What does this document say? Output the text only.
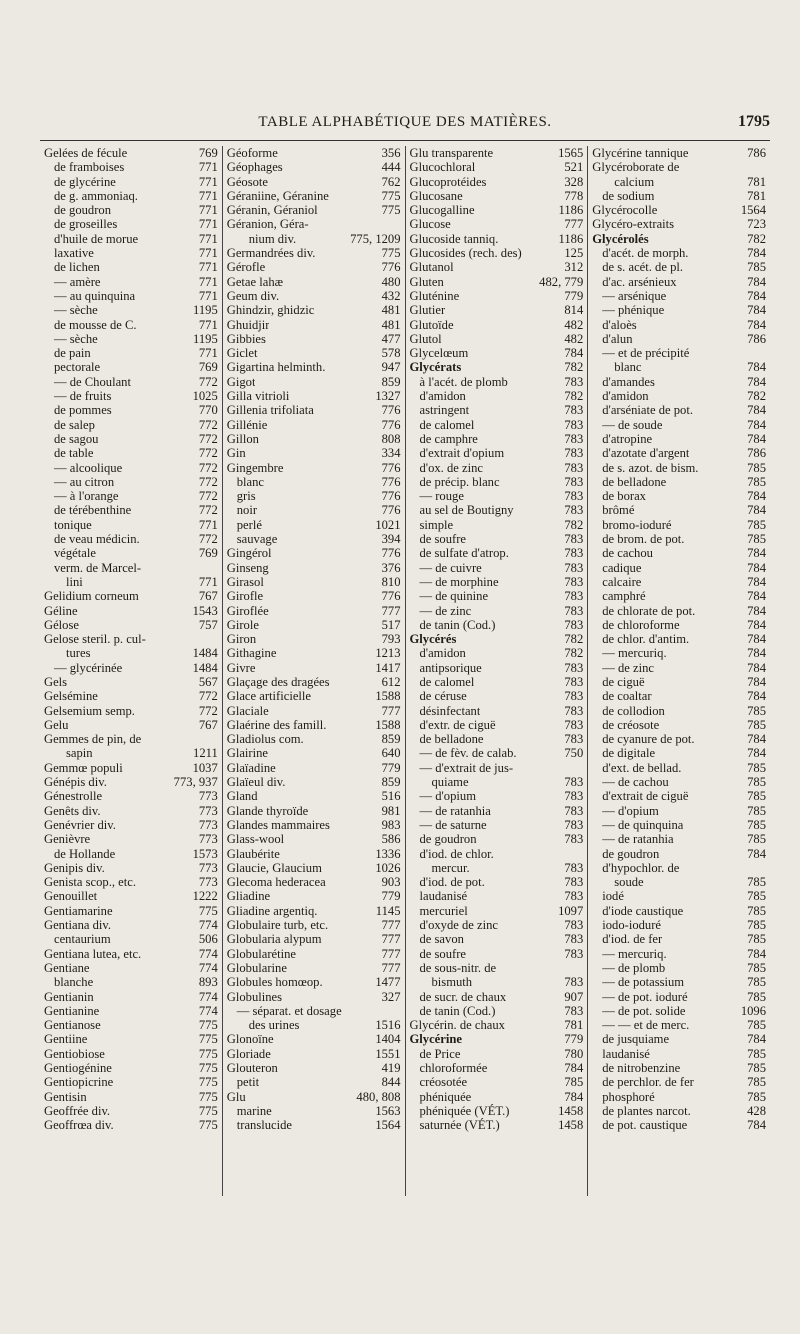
TABLE ALPHABÉTIQUE DES MATIÈRES.	1795
Gelées de fécule	769
de framboises	771
de glycérine	771
de g. ammoniaq.	771
de goudron	771
de groseilles	771
d'huile de morue	771
laxative	771
de lichen	771
— amère	771
— au quinquina	771
— sèche	1195
de mousse de C.	771
— sèche	1195
de pain	771
pectorale	769
— de Choulant	772
— de fruits	1025
de pommes	770
de salep	772
de sagou	772
de table	772
— alcoolique	772
— au citron	772
— à l'orange	772
de térébenthine	772
tonique	771
de veau médicin.	772
végétale	769
verm. de Marcel-
lini	771
Gelidium corneum	767
Géline	1543
Gélose	757
Gelose steril. p. cul-
tures	1484
— glycérinée	1484
Gels	567
Gelsémine	772
Gelsemium semp.	772
Gelu	767
Gemmes de pin, de
sapin	1211
Gemmœ populi	1037
Génépis div.	773, 937
Génestrolle	773
Genêts div.	773
Genévrier div.	773
Genièvre	773
de Hollande	1573
Genipis div.	773
Genista scop., etc.	773
Genouillet	1222
Gentiamarine	775
Gentiana div.	774
centaurium	506
Gentiana lutea, etc.	774
Gentiane	774
blanche	893
Gentianin	774
Gentianine	774
Gentianose	775
Gentiine	775
Gentiobiose	775
Gentiogénine	775
Gentiopicrine	775
Gentisin	775
Geoffrée div.	775
Geoffrœa div.	775
Géoforme	356
Géophages	444
Géosote	762
Géraniine, Géranine	775
Géranin, Géraniol	775
Géranion, Géra-
nium div.	775, 1209
Germandrées div.	775
Gérofle	776
Getae lahæ	480
Geum div.	432
Ghindzir, ghidzic	481
Ghuidjir	481
Gibbies	477
Giclet	578
Gigartina helminth.	947
Gigot	859
Gilla vitrioli	1327
Gillenia trifoliata	776
Gillénie	776
Gillon	808
Gin	334
Gingembre	776
blanc	776
gris	776
noir	776
perlé	1021
sauvage	394
Gingérol	776
Ginseng	376
Girasol	810
Girofle	776
Giroflée	777
Girole	517
Giron	793
Githagine	1213
Givre	1417
Glaçage des dragées	612
Glace artificielle	1588
Glaciale	777
Glaérine des famill.	1588
Gladiolus com.	859
Glairine	640
Glaïadine	779
Glaïeul div.	859
Gland	516
Glande thyroïde	981
Glandes mammaires	983
Glass-wool	586
Glaubérite	1336
Glaucie, Glaucium	1026
Glecoma hederacea	903
Gliadine	779
Gliadine argentiq.	1145
Globulaire turb, etc.	777
Globularia alypum	777
Globularétine	777
Globularine	777
Globules homœop.	1477
Globulines	327
— séparat. et dosage
des urines	1516
Glonoïne	1404
Gloriade	1551
Glouteron	419
petit	844
Glu	480, 808
marine	1563
translucide	1564
Glu transparente	1565
Glucochloral	521
Glucoprotéides	328
Glucosane	778
Glucogalline	1186
Glucose	777
Glucoside tanniq.	1186
Glucosides (rech. des)	125
Glutanol	312
Gluten	482, 779
Gluténine	779
Glutier	814
Glutoïde	482
Glutol	482
Glycelœum	784
Glycérats	782
à l'acét. de plomb	783
d'amidon	782
astringent	783
de calomel	783
de camphre	783
d'extrait d'opium	783
d'ox. de zinc	783
de précip. blanc	783
— rouge	783
au sel de Boutigny	783
simple	782
de soufre	783
de sulfate d'atrop.	783
— de cuivre	783
— de morphine	783
— de quinine	783
— de zinc	783
de tanin (Cod.)	783
Glycérés	782
d'amidon	782
antipsorique	783
de calomel	783
de céruse	783
désinfectant	783
d'extr. de ciguë	783
de belladone	783
— de fèv. de calab.	750
— d'extrait de jus-
quiame	783
— d'opium	783
— de ratanhia	783
— de saturne	783
de goudron	783
d'iod. de chlor.
mercur.	783
d'iod. de pot.	783
laudanisé	783
mercuriel	1097
d'oxyde de zinc	783
de savon	783
de soufre	783
de sous-nitr. de
bismuth	783
de sucr. de chaux	907
de tanin (Cod.)	783
Glycérin. de chaux	781
Glycérine	779
de Price	780
chloroformée	784
créosotée	785
phéniquée	784
phéniquée (VÉT.)	1458
saturnée (VÉT.)	1458
Glycérine tannique	786
Glycéroborate de
calcium	781
de sodium	781
Glycérocolle	1564
Glycéro-extraits	723
Glycérolés	782
d'acét. de morph.	784
de s. acét. de pl.	785
d'ac. arsénieux	784
— arsénique	784
— phénique	784
d'aloès	784
d'alun	786
— et de précipité
blanc	784
d'amandes	784
d'amidon	782
d'arséniate de pot.	784
— de soude	784
d'atropine	784
d'azotate d'argent	786
de s. azot. de bism.	785
de belladone	785
de borax	784
brômé	784
bromo-ioduré	785
de brom. de pot.	785
de cachou	784
cadique	784
calcaire	784
camphré	784
de chlorate de pot.	784
de chloroforme	784
de chlor. d'antim.	784
— mercuriq.	784
— de zinc	784
de ciguë	784
de coaltar	784
de collodion	785
de créosote	785
de cyanure de pot.	784
de digitale	784
d'ext. de bellad.	785
— de cachou	785
d'extrait de ciguë	785
— d'opium	785
— de quinquina	785
— de ratanhia	785
de goudron	784
d'hypochlor. de
soude	785
iodé	785
d'iode caustique	785
iodo-ioduré	785
d'iod. de fer	785
— mercuriq.	784
— de plomb	785
— de potassium	785
— de pot. ioduré	785
— de pot. solide	1096
— — et de merc.	785
de jusquiame	784
laudanisé	785
de nitrobenzine	785
de perchlor. de fer	785
phosphoré	785
de plantes narcot.	428
de pot. caustique	784
